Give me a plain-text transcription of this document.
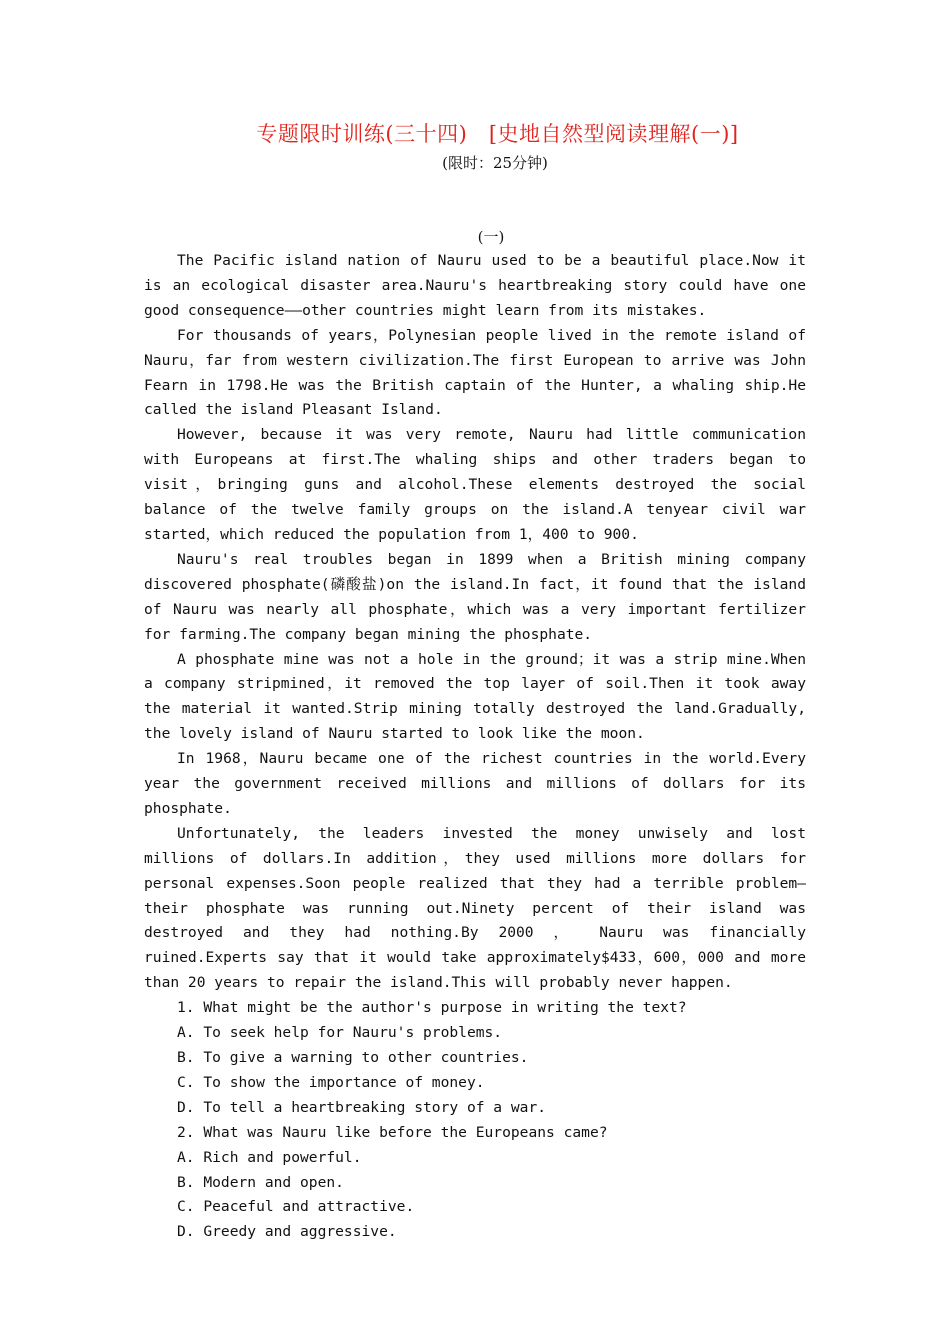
专题限时训练(三十四)   [史地自然型阅读理解(一)]
(限时：25分钟)
(一)

The Pacific island nation of Nauru used to be a beautiful place.Now it is an ecological disaster area.Nauru's heartbreaking story could have one good consequence——other countries might learn from its mistakes.

For thousands of years，Polynesian people lived in the remote island of Nauru，far from western civilization.The first European to arrive was John Fearn in 1798.He was the British captain of the Hunter, a whaling ship.He called the island Pleasant Island.

However, because it was very remote, Nauru had little communication with Europeans at first.The whaling ships and other traders began to visit，bringing guns and alcohol.These elements destroyed the social balance of the twelve family groups on the island.A tenyear civil war started，which reduced the population from 1，400 to 900.

Nauru's real troubles began in 1899 when a British mining company discovered phosphate(磷酸盐)on the island.In fact，it found that the island of Nauru was nearly all phosphate，which was a very important fertilizer for farming.The company began mining the phosphate.

A phosphate mine was not a hole in the ground；it was a strip mine.When a company stripmined，it removed the top layer of soil.Then it took away the material it wanted.Strip mining totally destroyed the land.Gradually, the lovely island of Nauru started to look like the moon.

In 1968，Nauru became one of the richest countries in the world.Every year the government received millions and millions of dollars for its phosphate.

Unfortunately, the leaders invested the money unwisely and lost millions of dollars.In addition，they used millions more dollars for personal expenses.Soon people realized that they had a terrible problem—their phosphate was running out.Ninety percent of their island was destroyed and they had nothing.By 2000 ， Nauru was financially ruined.Experts say that it would take approximately$433，600，000 and more than 20 years to repair the island.This will probably never happen.

1. What might be the author's purpose in writing the text?

A. To seek help for Nauru's problems.

B. To give a warning to other countries.

C. To show the importance of money.

D. To tell a heartbreaking story of a war.

2. What was Nauru like before the Europeans came?

A. Rich and powerful.

B. Modern and open.

C. Peaceful and attractive.

D. Greedy and aggressive.
